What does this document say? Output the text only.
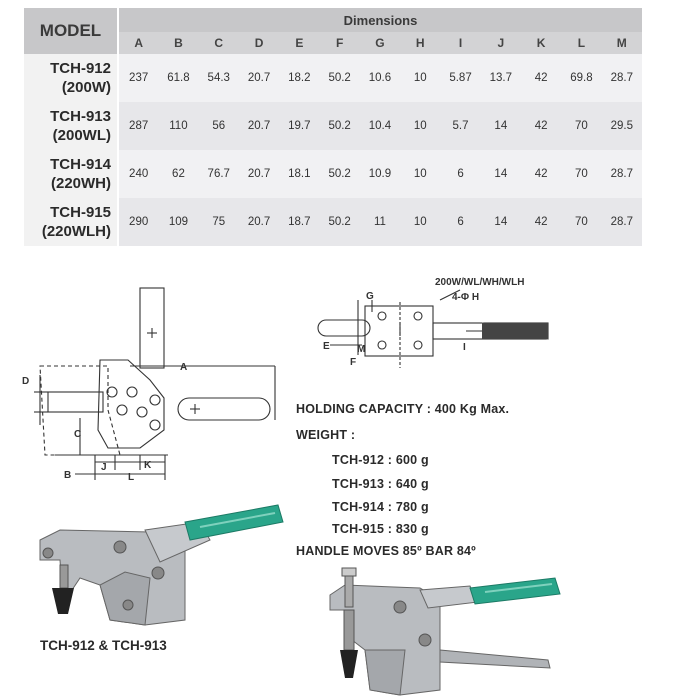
MODEL	Dimensions												
	A	B	C	D	E	F	G	H	I	J	K	L	M

TCH-912
(200W)	237	61.8	54.3	20.7	18.2	50.2	10.6	10	5.87	13.7	42	69.8	28.7

TCH-913
(200WL)	287	110	56	20.7	19.7	50.2	10.4	10	5.7	14	42	70	29.5

TCH-914
(220WH)	240	62	76.7	20.7	18.1	50.2	10.9	10	6	14	42	70	28.7

TCH-915
(220WLH)	290	109	75	20.7	18.7	50.2	11	10	6	14	42	70	28.7
A
D
C
B
J	K
L
200W/WL/WH/WLH
4-Φ H
G
E	M
F
I
HOLDING CAPACITY : 400 Kg Max.
WEIGHT :
TCH-912 : 600 g
TCH-913 : 640 g
TCH-914 : 780 g
TCH-915 : 830 g
HANDLE MOVES 85º BAR 84º
TCH-912 & TCH-913
